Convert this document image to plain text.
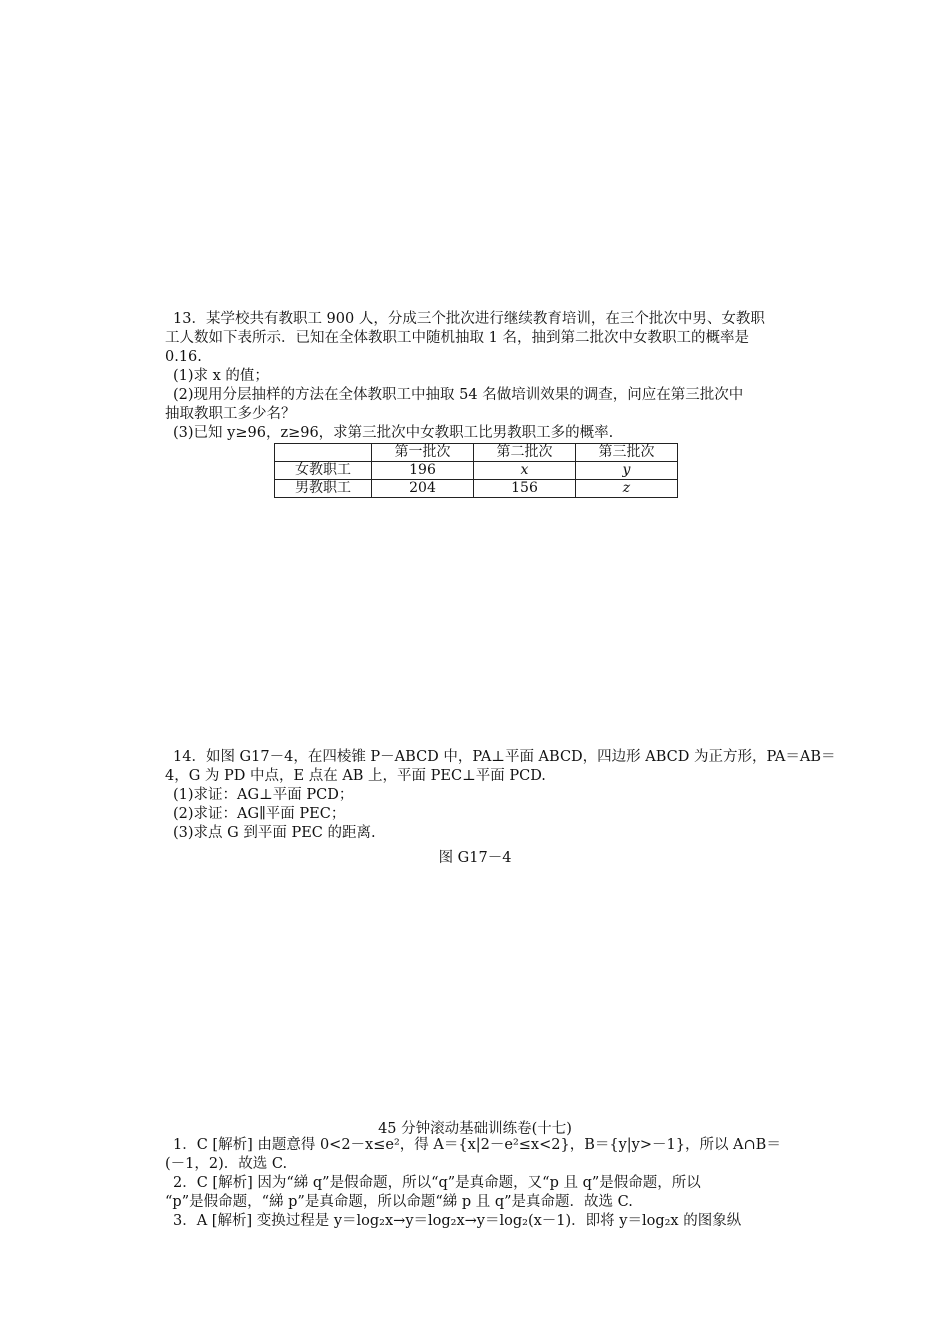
13．某学校共有教职工 900 人，分成三个批次进行继续教育培训，在三个批次中男、女教职
工人数如下表所示．已知在全体教职工中随机抽取 1 名，抽到第二批次中女教职工的概率是
0.16.
(1)求 x 的值；
(2)现用分层抽样的方法在全体教职工中抽取 54 名做培训效果的调查，问应在第三批次中
抽取教职工多少名？
(3)已知 y≥96，z≥96，求第三批次中女教职工比男教职工多的概率.
	第一批次	第二批次	第三批次
女教职工	196	x	y
男教职工	204	156	z
14．如图 G17－4，在四棱锥 P－ABCD 中，PA⊥平面 ABCD，四边形 ABCD 为正方形，PA＝AB＝
4，G 为 PD 中点，E 点在 AB 上，平面 PEC⊥平面 PCD.
(1)求证：AG⊥平面 PCD；
(2)求证：AG∥平面 PEC；
(3)求点 G 到平面 PEC 的距离.
图 G17－4
45 分钟滚动基础训练卷(十七)
1．C [解析] 由题意得 0<2－x≤e²，得 A＝{x|2－e²≤x<2}，B＝{y|y>－1}，所以 A∩B＝
(－1，2)．故选 C.
2．C [解析] 因为“綈 q”是假命题，所以“q”是真命题，又“p 且 q”是假命题，所以
“p”是假命题，“綈 p”是真命题，所以命题“綈 p 且 q”是真命题．故选 C.
3．A [解析] 变换过程是 y＝log₂x→y＝log₂x→y＝log₂(x－1)．即将 y＝log₂x 的图象纵
